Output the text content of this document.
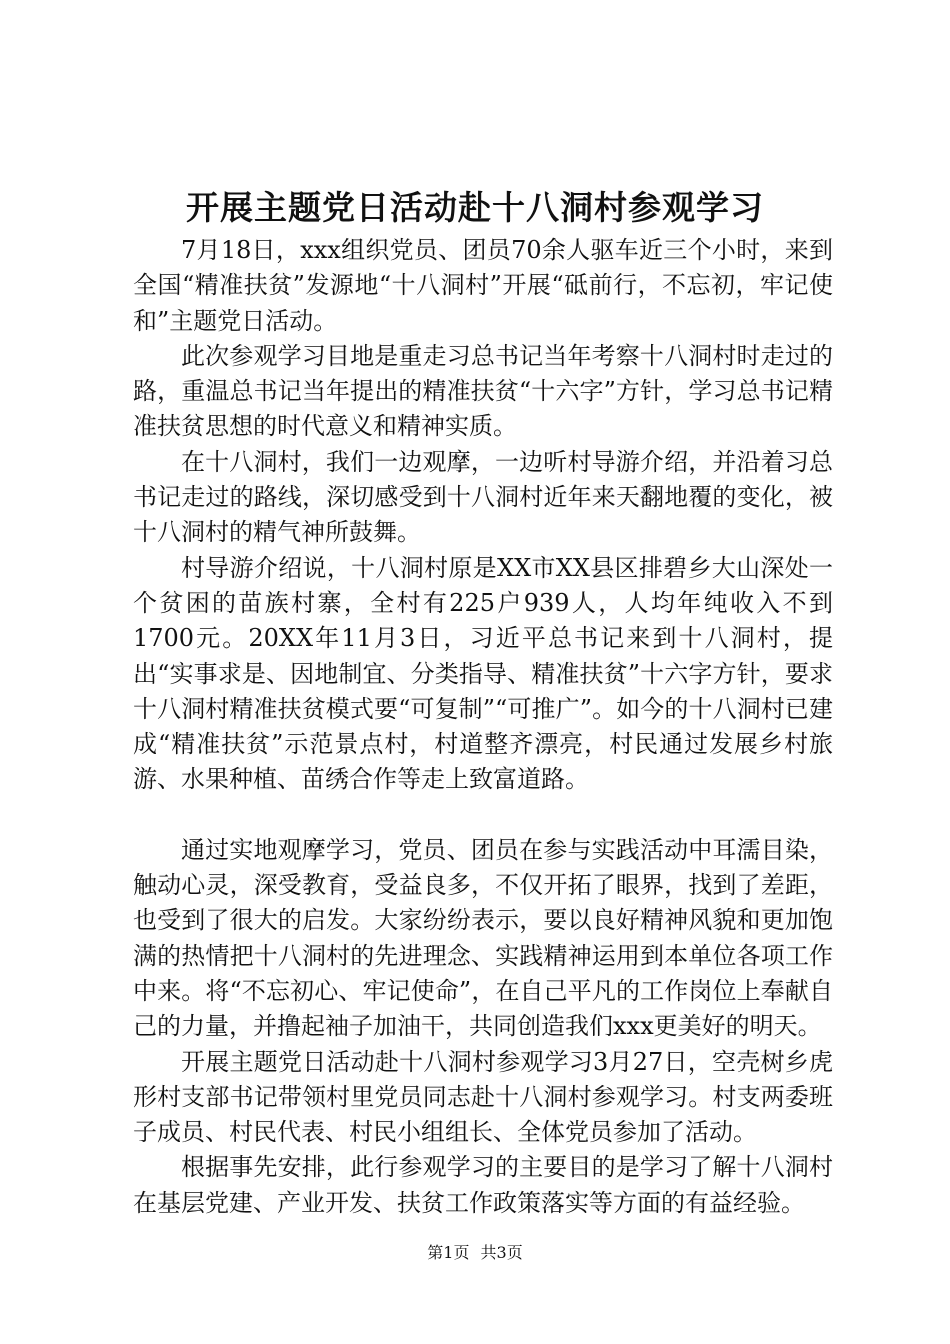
开展主题党日活动赴十八洞村参观学习

7月18日，xxx组织党员、团员70余人驱车近三个小时，来到全国“精准扶贫”发源地“十八洞村”开展“砥前行，不忘初，牢记使和”主题党日活动。

此次参观学习目地是重走习总书记当年考察十八洞村时走过的路，重温总书记当年提出的精准扶贫“十六字”方针，学习总书记精准扶贫思想的时代意义和精神实质。

在十八洞村，我们一边观摩，一边听村导游介绍，并沿着习总书记走过的路线，深切感受到十八洞村近年来天翻地覆的变化，被十八洞村的精气神所鼓舞。

村导游介绍说，十八洞村原是XX市XX县区排碧乡大山深处一个贫困的苗族村寨，全村有225户939人，人均年纯收入不到1700元。20XX年11月3日，习近平总书记来到十八洞村，提出“实事求是、因地制宜、分类指导、精准扶贫”十六字方针，要求十八洞村精准扶贫模式要“可复制”“可推广”。如今的十八洞村已建成“精准扶贫”示范景点村，村道整齐漂亮，村民通过发展乡村旅游、水果种植、苗绣合作等走上致富道路。

通过实地观摩学习，党员、团员在参与实践活动中耳濡目染，触动心灵，深受教育，受益良多，不仅开拓了眼界，找到了差距，也受到了很大的启发。大家纷纷表示，要以良好精神风貌和更加饱满的热情把十八洞村的先进理念、实践精神运用到本单位各项工作中来。将“不忘初心、牢记使命”，在自己平凡的工作岗位上奉献自己的力量，并撸起袖子加油干，共同创造我们xxx更美好的明天。

开展主题党日活动赴十八洞村参观学习3月27日，空壳树乡虎形村支部书记带领村里党员同志赴十八洞村参观学习。村支两委班子成员、村民代表、村民小组组长、全体党员参加了活动。

根据事先安排，此行参观学习的主要目的是学习了解十八洞村在基层党建、产业开发、扶贫工作政策落实等方面的有益经验。

第1页 共3页
